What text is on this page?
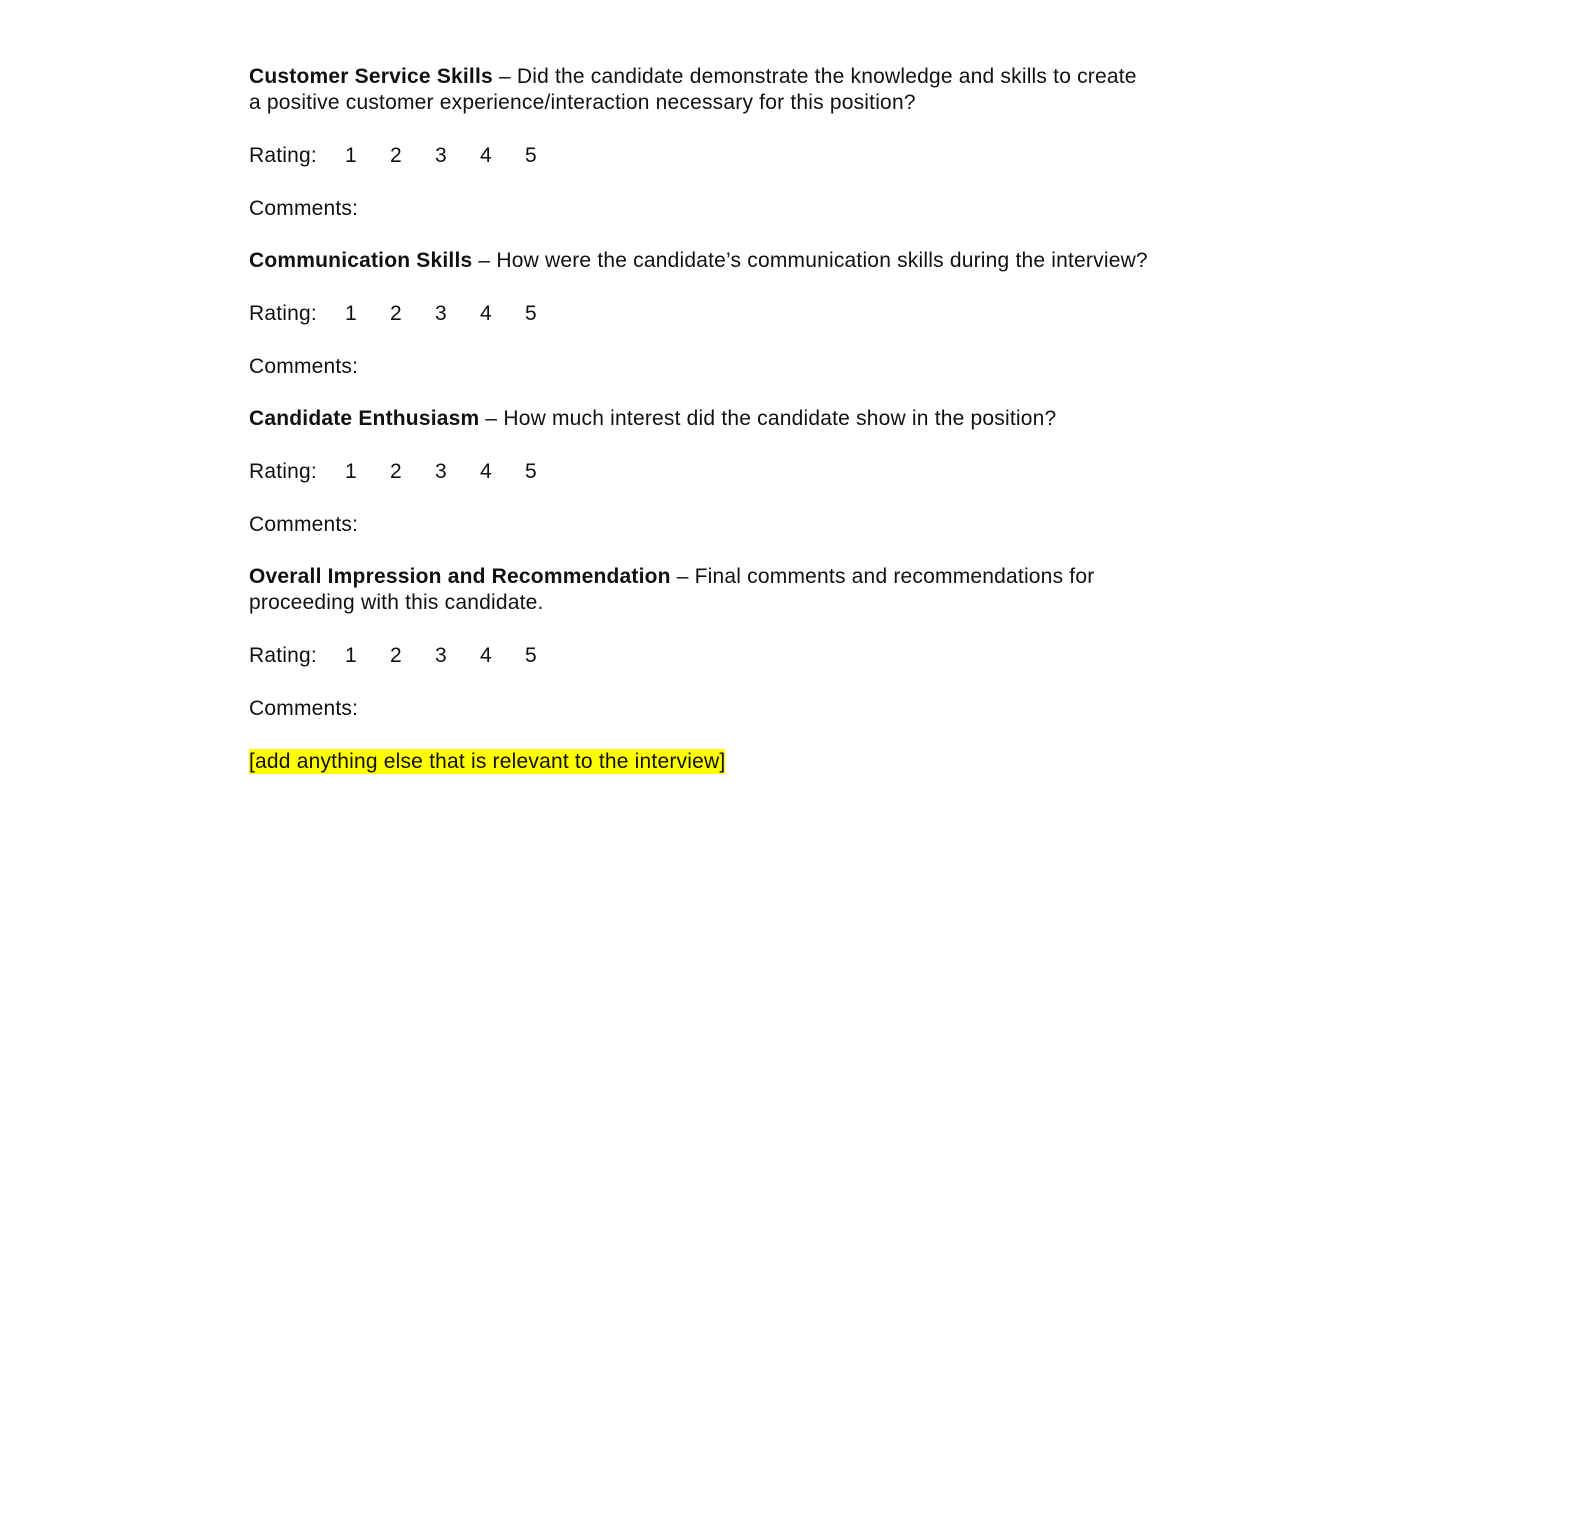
Customer Service Skills – Did the candidate demonstrate the knowledge and skills to create a positive customer experience/interaction necessary for this position?

Rating:	1	2	3	4	5
Comments:

Communication Skills – How were the candidate’s communication skills during the interview?

Rating:	1	2	3	4	5
Comments:

Candidate Enthusiasm – How much interest did the candidate show in the position?

Rating:	1	2	3	4	5
Comments:

Overall Impression and Recommendation – Final comments and recommendations for proceeding with this candidate.

Rating:	1	2	3	4	5
Comments:
[add anything else that is relevant to the interview]
